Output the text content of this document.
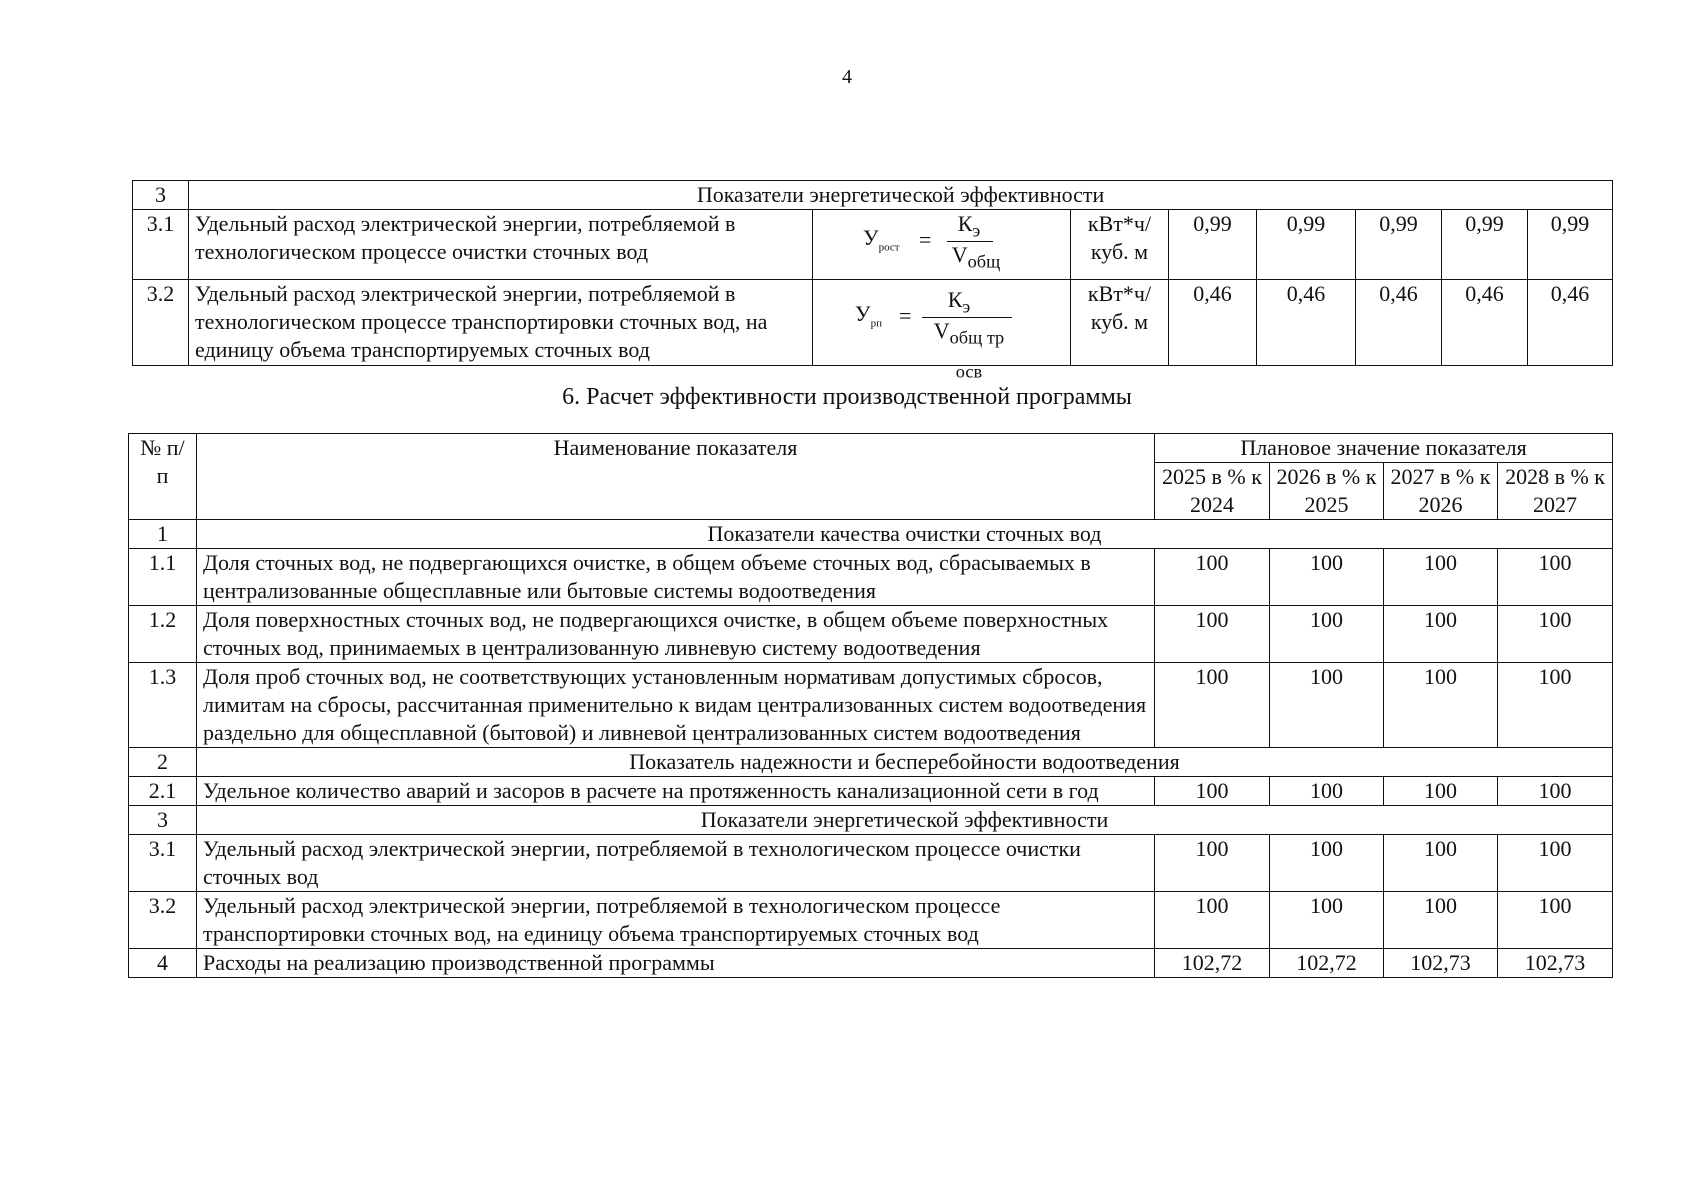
4
3	Показатели энергетической эффективности							
3.1	Удельный расход электрической энергии, потребляемой в технологическом процессе очистки сточных вод	$У_{рост}$ =
$К_э$
$V_{общ}$	кВт*ч/ куб. м	0,99	0,99	0,99	0,99	0,99
3.2	Удельный расход электрической энергии, потребляемой в технологическом процессе транспортировки сточных вод, на единицу объема транспортируемых сточных вод	$У_{рп}$ =
$К_э$
$V_{общ тр осв}$	кВт*ч/ куб. м	0,46	0,46	0,46	0,46	0,46
6. Расчет эффективности производственной программы
№ п/п	Наименование показателя	Плановое значение показателя			
		2025 в % к 2024	2026 в % к 2025	2027 в % к 2026	2028 в % к 2027
1	Показатели качества очистки сточных вод				
1.1	Доля сточных вод, не подвергающихся очистке, в общем объеме сточных вод, сбрасываемых в централизованные общесплавные или бытовые системы водоотведения	100	100	100	100
1.2	Доля поверхностных сточных вод, не подвергающихся очистке, в общем объеме поверхностных сточных вод, принимаемых в централизованную ливневую систему водоотведения	100	100	100	100
1.3	Доля проб сточных вод, не соответствующих установленным нормативам допустимых сбросов, лимитам на сбросы, рассчитанная применительно к видам централизованных систем водоотведения раздельно для общесплавной (бытовой) и ливневой централизованных систем водоотведения	100	100	100	100
2	Показатель надежности и бесперебойности водоотведения				
2.1	Удельное количество аварий и засоров в расчете на протяженность канализационной сети в год	100	100	100	100
3	Показатели энергетической эффективности				
3.1	Удельный расход электрической энергии, потребляемой в технологическом процессе очистки сточных вод	100	100	100	100
3.2	Удельный расход электрической энергии, потребляемой в технологическом процессе транспортировки сточных вод, на единицу объема транспортируемых сточных вод	100	100	100	100
4	Расходы на реализацию производственной программы	102,72	102,72	102,73	102,73
